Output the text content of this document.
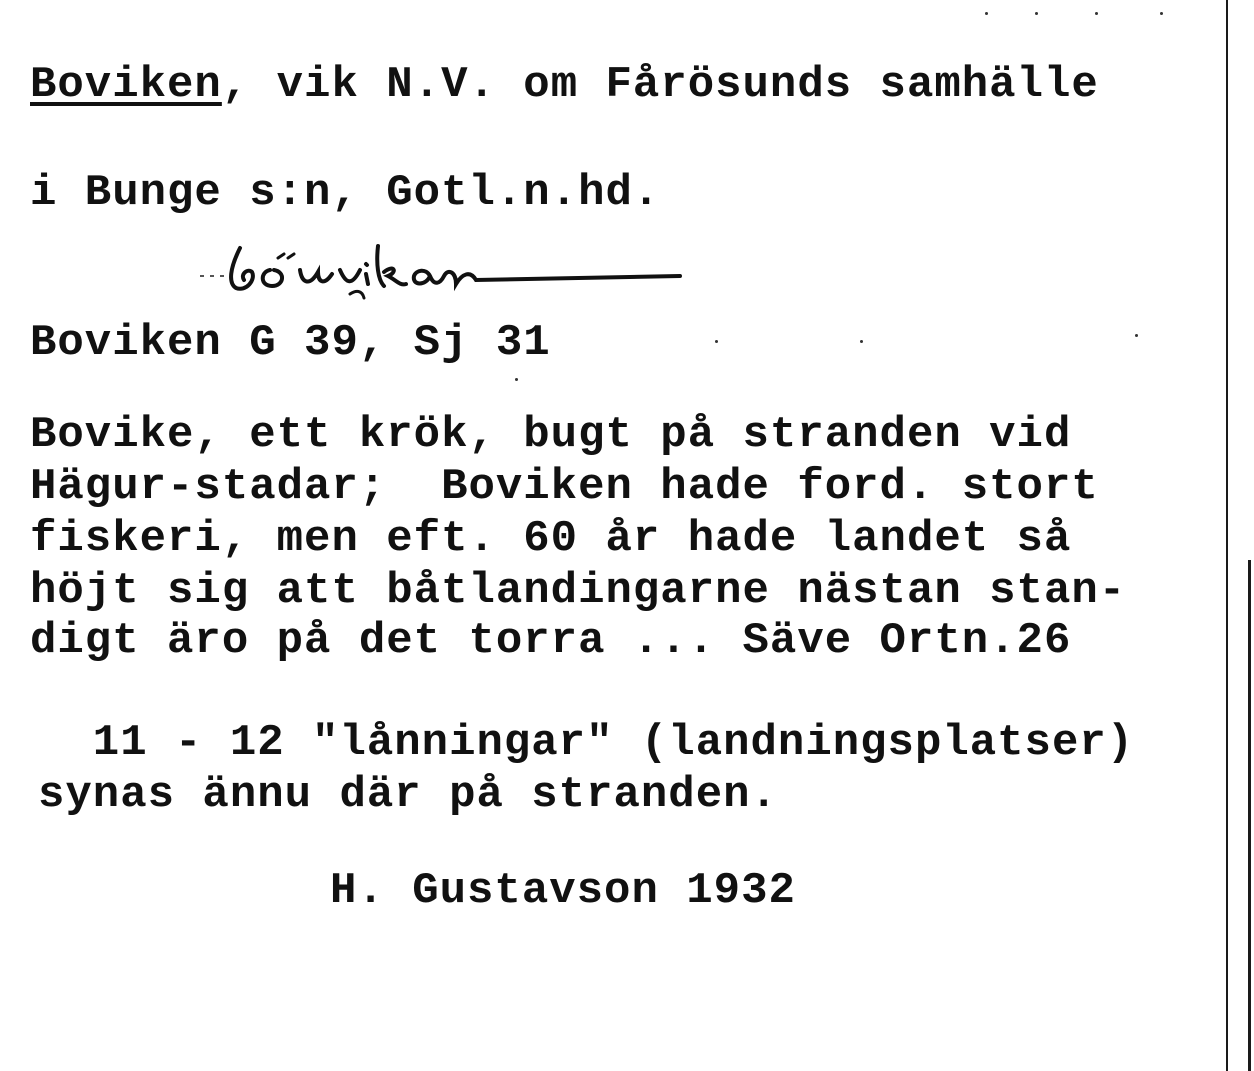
Boviken, vik N.V. om Fårösunds samhälle
i Bunge s:n, Gotl.n.hd.
Boviken G 39, Sj 31
Bovike, ett krök, bugt på stranden vid
Hägur-stadar;  Boviken hade ford. stort
fiskeri, men eft. 60 år hade landet så
höjt sig att båtlandingarne nästan stan-
digt äro på det torra ... Säve Ortn.26
11 - 12 "lånningar" (landningsplatser)
synas ännu där på stranden.
H. Gustavson 1932
